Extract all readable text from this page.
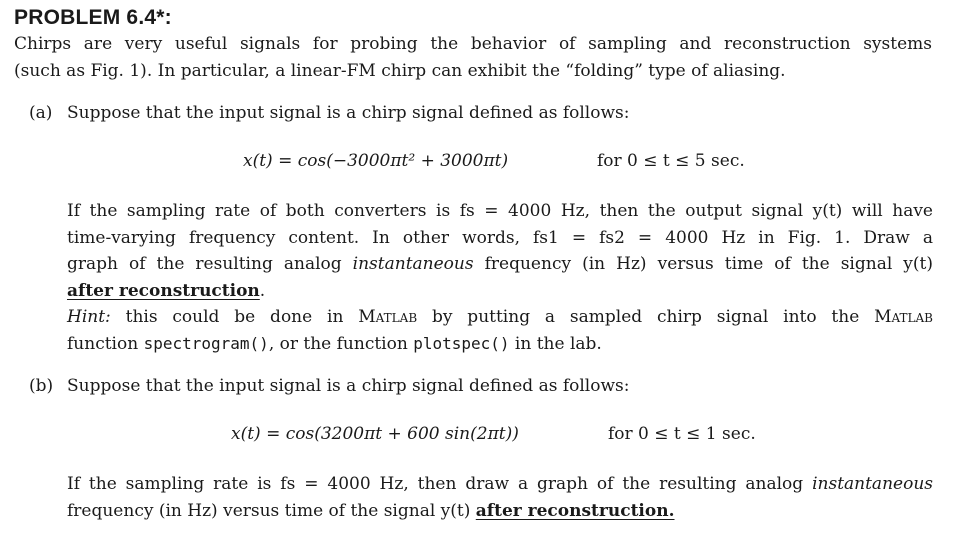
PROBLEM 6.4*:
Chirps are very useful signals for probing the behavior of sampling and reconstruction systems
(such as Fig. 1). In particular, a linear-FM chirp can exhibit the “folding” type of aliasing.
(a) Suppose that the input signal is a chirp signal defined as follows:
x(t) = cos(−3000πt² + 3000πt)	for 0 ≤ t ≤ 5 sec.
If the sampling rate of both converters is fs = 4000 Hz, then the output signal y(t) will have
time-varying frequency content. In other words, fs1 = fs2 = 4000 Hz in Fig. 1. Draw a
graph of the resulting analog instantaneous frequency (in Hz) versus time of the signal y(t)
after reconstruction.
Hint: this could be done in Matlab by putting a sampled chirp signal into the Matlab
function spectrogram(), or the function plotspec() in the lab.
(b) Suppose that the input signal is a chirp signal defined as follows:
x(t) = cos(3200πt + 600 sin(2πt))	for 0 ≤ t ≤ 1 sec.
If the sampling rate is fs = 4000 Hz, then draw a graph of the resulting analog instantaneous
frequency (in Hz) versus time of the signal y(t) after reconstruction.
